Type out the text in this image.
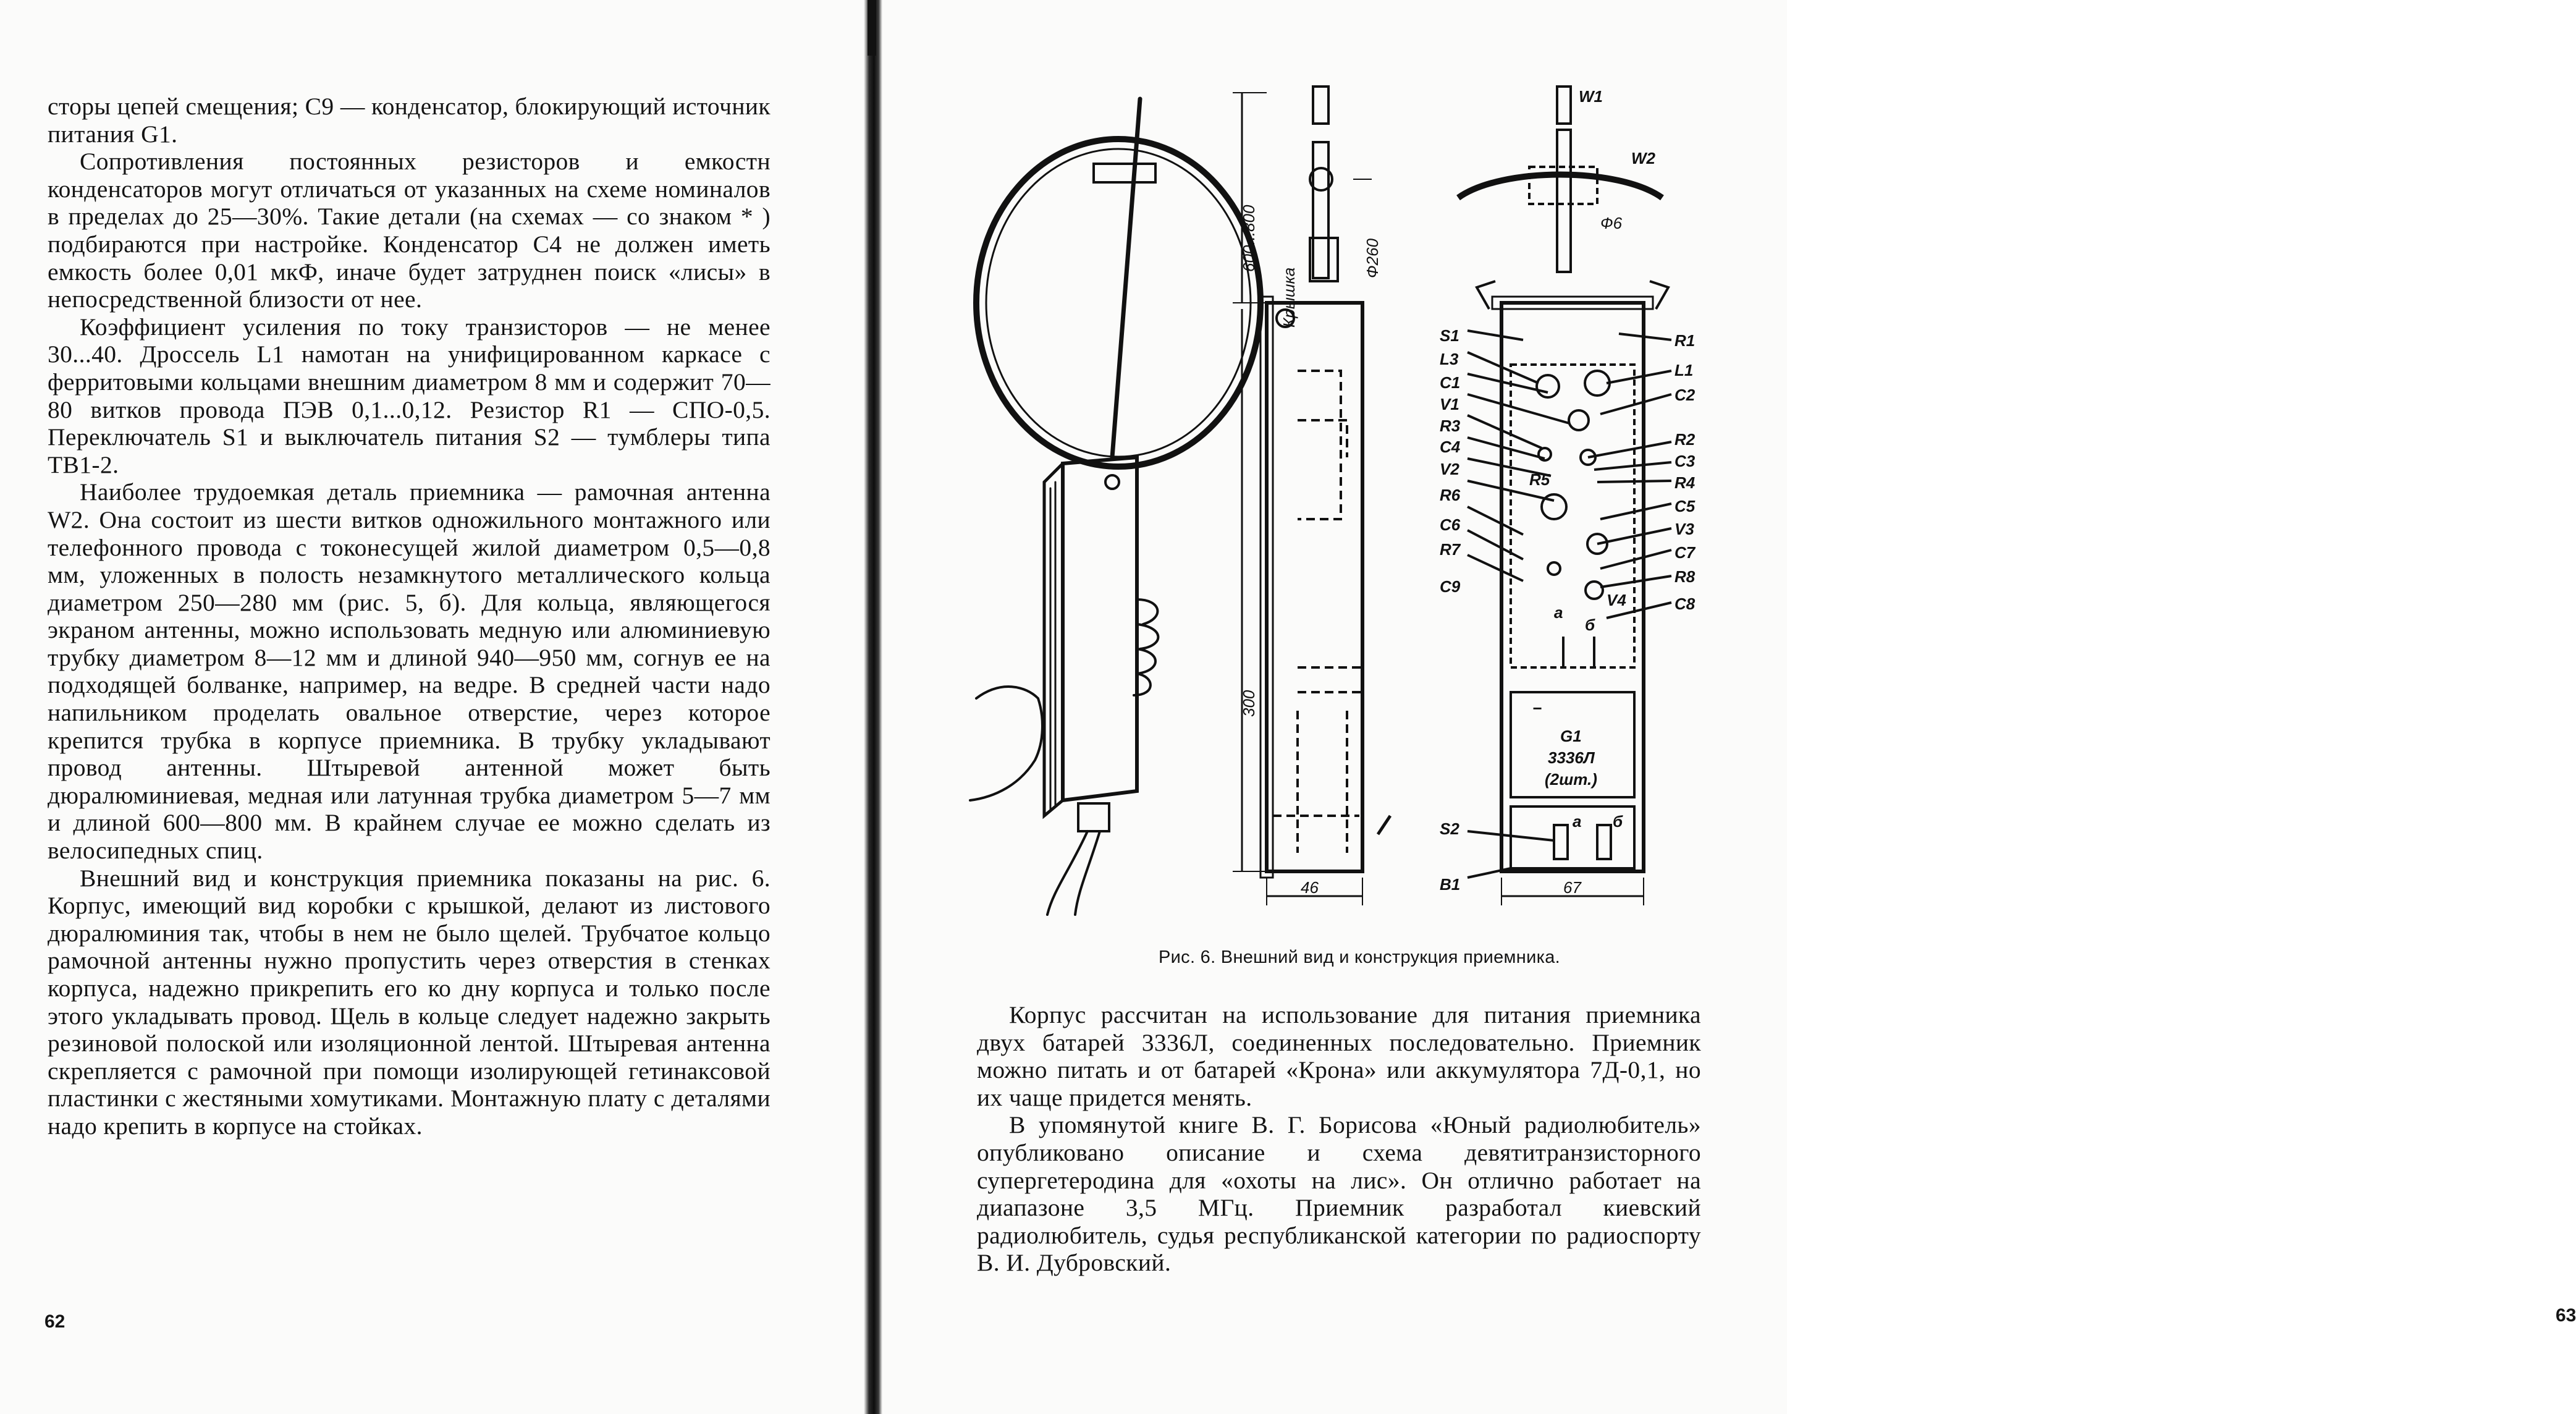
сторы цепей смещения; C9 — конденсатор, блокирующий источник питания G1.

Сопротивления постоянных резисторов и емкостн конденсаторов могут отличаться от указанных на схеме номиналов в пределах до 25—30%. Такие детали (на схемах — со знаком * ) подбираются при настройке. Конденсатор C4 не должен иметь емкость более 0,01 мкФ, иначе будет затруднен поиск «лисы» в непосредственной близости от нее.

Коэффициент усиления по току транзисторов — не менее 30...40. Дроссель L1 намотан на унифицированном каркасе с ферритовыми кольцами внешним диаметром 8 мм и содержит 70—80 витков провода ПЭВ 0,1...0,12. Резистор R1 — СПО-0,5. Переключатель S1 и выключатель питания S2 — тумблеры типа ТВ1-2.

Наиболее трудоемкая деталь приемника — рамочная антенна W2. Она состоит из шести витков одножильного монтажного или телефонного провода с токонесущей жилой диаметром 0,5—0,8 мм, уложенных в полость незамкнутого металлического кольца диаметром 250—280 мм (рис. 5, б). Для кольца, являющегося экраном антенны, можно использовать медную или алюминиевую трубку диаметром 8—12 мм и длиной 940—950 мм, согнув ее на подходящей болванке, например, на ведре. В средней части надо напильником проделать овальное отверстие, через которое крепится трубка в корпусе приемника. В трубку укладывают провод антенны. Штыревой антенной может быть дюралюминиевая, медная или латунная трубка диаметром 5—7 мм и длиной 600—800 мм. В крайнем случае ее можно сделать из велосипедных спиц.

Внешний вид и конструкция приемника показаны на рис. 6. Корпус, имеющий вид коробки с крышкой, делают из листового дюралюминия так, чтобы в нем не было щелей. Трубчатое кольцо рамочной антенны нужно пропустить через отверстия в стенках корпуса, надежно прикрепить его ко дну корпуса и только после этого укладывать провод. Щель в кольце следует надежно закрыть резиновой полоской или изоляционной лентой. Штыревая антенна скрепляется с рамочной при помощи изолирующей гетинаксовой пластинки с жестяными хомутиками. Монтажную плату с деталями надо крепить в корпусе на стойках.

62	63
600...800
300
Крышка
Ф260
46	67
Ф6
W1
W2
S1
L3
C1
V1
R3
C4
V2
R6
C6
R7
C9
S2
B1
R1
L1
C2
R2
C3
R4
C5
V3
C7
R8
C8
R5
а
б
V4
а б
−
G1
3336Л
(2шт.)
Рис. 6. Внешний вид и конструкция приемника.

Корпус рассчитан на использование для питания приемника двух батарей 3336Л, соединенных последовательно. Приемник можно питать и от батарей «Крона» или аккумулятора 7Д-0,1, но их чаще придется менять.

В упомянутой книге В. Г. Борисова «Юный радиолюбитель» опубликовано описание и схема девятитранзисторного супергетеродина для «охоты на лис». Он отлично работает на диапазоне 3,5 МГц. Приемник разработал киевский радиолюбитель, судья республиканской категории по радиоспорту В. И. Дубровский.
